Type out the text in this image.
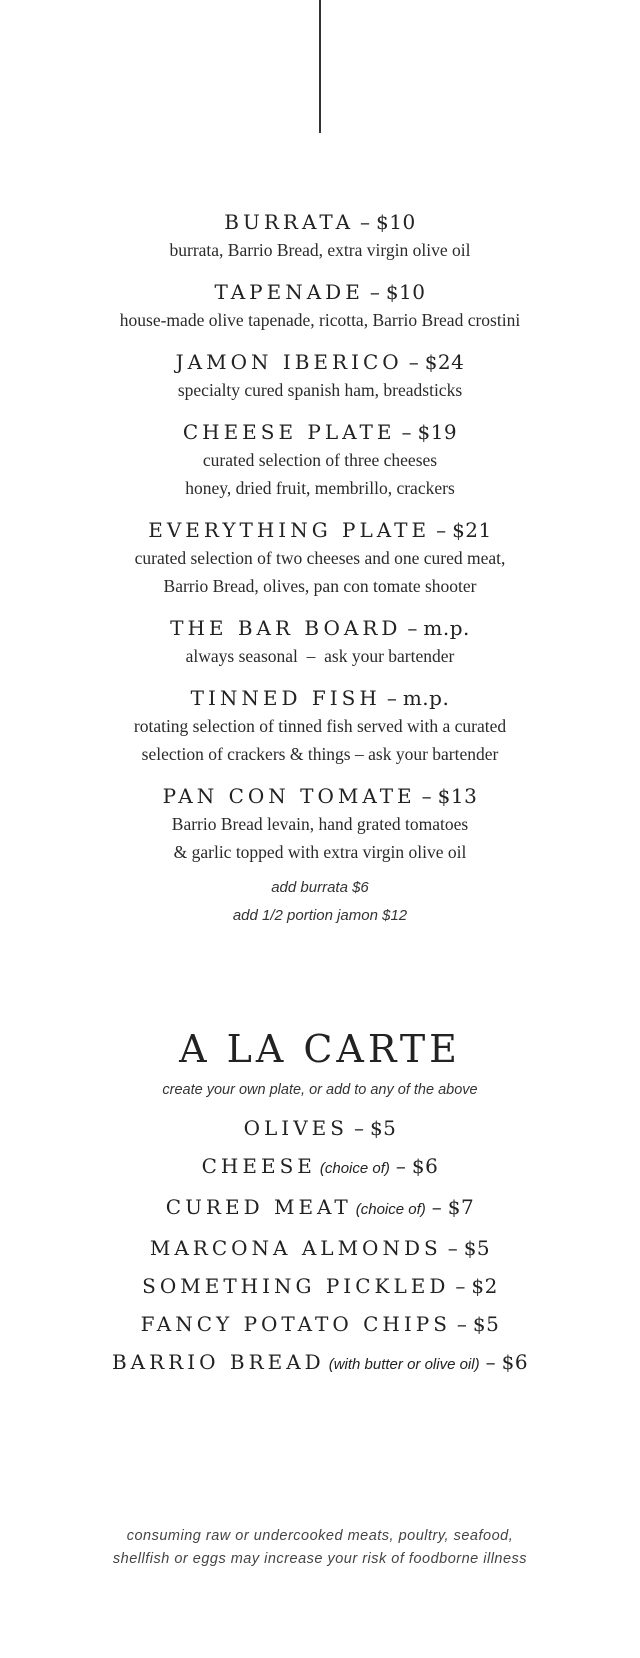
BURRATA – $10
burrata, Barrio Bread, extra virgin olive oil
TAPENADE – $10
house-made olive tapenade, ricotta, Barrio Bread crostini
JAMON IBERICO – $24
specialty cured spanish ham, breadsticks
CHEESE PLATE – $19
curated selection of three cheeses
honey, dried fruit, membrillo, crackers
EVERYTHING PLATE – $21
curated selection of two cheeses and one cured meat,
Barrio Bread, olives, pan con tomate shooter
THE BAR BOARD – m.p.
always seasonal  –  ask your bartender
TINNED FISH – m.p.
rotating selection of tinned fish served with a curated
selection of crackers & things – ask your bartender
PAN CON TOMATE – $13
Barrio Bread levain, hand grated tomatoes
& garlic topped with extra virgin olive oil
add burrata $6
add 1/2 portion jamon $12
A LA CARTE
create your own plate, or add to any of the above
OLIVES – $5
CHEESE (choice of) – $6
CURED MEAT (choice of) – $7
MARCONA ALMONDS – $5
SOMETHING PICKLED – $2
FANCY POTATO CHIPS – $5
BARRIO BREAD (with butter or olive oil) – $6
consuming raw or undercooked meats, poultry, seafood,
shellfish or eggs may increase your risk of foodborne illness
